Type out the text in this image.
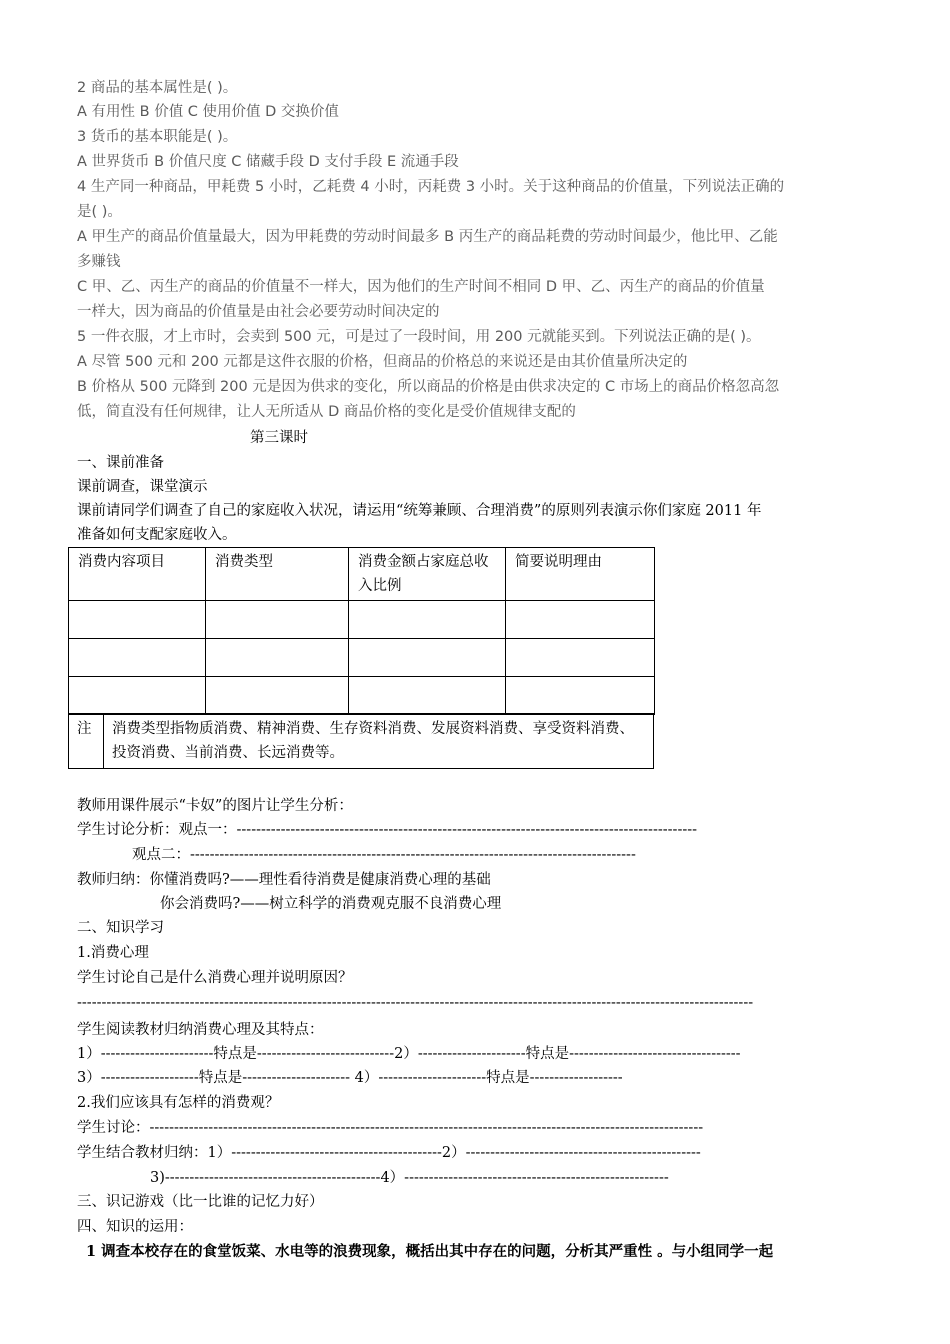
2 商品的基本属性是( )。
A 有用性 B 价值 C 使用价值 D 交换价值
3 货币的基本职能是( )。
A 世界货币 B 价值尺度 C 储藏手段 D 支付手段 E 流通手段
4 生产同一种商品，甲耗费 5 小时，乙耗费 4 小时，丙耗费 3 小时。关于这种商品的价值量，下列说法正确的
是( )。
A 甲生产的商品价值量最大，因为甲耗费的劳动时间最多 B 丙生产的商品耗费的劳动时间最少，他比甲、乙能
多赚钱
C 甲、乙、丙生产的商品的价值量不一样大，因为他们的生产时间不相同 D 甲、乙、丙生产的商品的价值量
一样大，因为商品的价值量是由社会必要劳动时间决定的
5 一件衣服，才上市时，会卖到 500 元，可是过了一段时间，用 200 元就能买到。下列说法正确的是( )。
A 尽管 500 元和 200 元都是这件衣服的价格，但商品的价格总的来说还是由其价值量所决定的
B 价格从 500 元降到 200 元是因为供求的变化，所以商品的价格是由供求决定的 C 市场上的商品价格忽高忽
低，简直没有任何规律，让人无所适从 D 商品价格的变化是受价值规律支配的
第三课时
一、课前准备
课前调查，课堂演示
课前请同学们调查了自己的家庭收入状况，请运用“统筹兼顾、合理消费”的原则列表演示你们家庭 2011 年
准备如何支配家庭收入。
消费内容项目	消费类型	消费金额占家庭总收入比例	简要说明理由

注	消费类型指物质消费、精神消费、生存资料消费、发展资料消费、享受资料消费、投资消费、当前消费、长远消费等。
教师用课件展示“卡奴”的图片让学生分析：
学生讨论分析：观点一：----------------------------------------------------------------------------------------------
观点二：-------------------------------------------------------------------------------------------
教师归纳：你懂消费吗?——理性看待消费是健康消费心理的基础
你会消费吗?——树立科学的消费观克服不良消费心理
二、知识学习
1.消费心理
学生讨论自己是什么消费心理并说明原因？
------------------------------------------------------------------------------------------------------------------------------------------
学生阅读教材归纳消费心理及其特点：
1）-----------------------特点是----------------------------2）----------------------特点是-----------------------------------
3）--------------------特点是---------------------- 4）----------------------特点是-------------------
2.我们应该具有怎样的消费观？
学生讨论：-----------------------------------------------------------------------------------------------------------------
学生结合教材归纳：1）-------------------------------------------2）------------------------------------------------
3)--------------------------------------------4）------------------------------------------------------
三、识记游戏（比一比谁的记忆力好）
四、知识的运用：
1 调查本校存在的食堂饭菜、水电等的浪费现象，概括出其中存在的问题，分析其严重性 。与小组同学一起
